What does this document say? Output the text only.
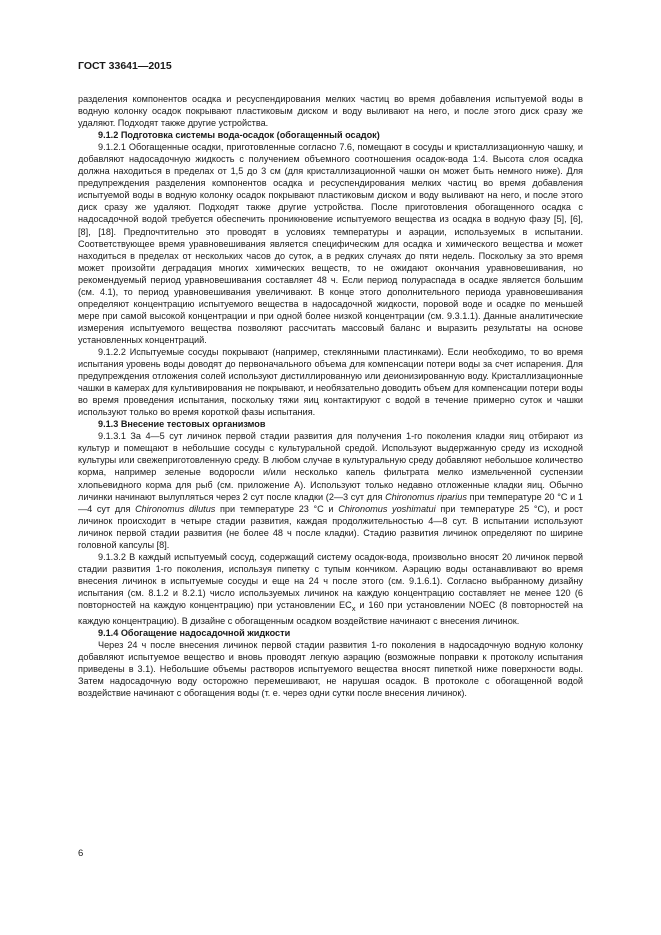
ГОСТ 33641—2015

разделения компонентов осадка и ресуспендирования мелких частиц во время добавления испытуемой воды в водную колонку осадок покрывают пластиковым диском и воду выливают на него, и после этого диск сразу же удаляют. Подходят также другие устройства.

9.1.2 Подготовка системы вода-осадок (обогащенный осадок)

9.1.2.1 Обогащенные осадки, приготовленные согласно 7.6, помещают в сосуды и кристаллизационную чашку, и добавляют надосадочную жидкость с получением объемного соотношения осадок-вода 1:4. Высота слоя осадка должна находиться в пределах от 1,5 до 3 см (для кристаллизационной чашки он может быть немного ниже). Для предупреждения разделения компонентов осадка и ресуспендирования мелких частиц во время добавления испытуемой воды в водную колонку осадок покрывают пластиковым диском и воду выливают на него, и после этого диск сразу же удаляют. Подходят также другие устройства. После приготовления обогащенного осадка с надосадочной водой требуется обеспечить проникновение испытуемого вещества из осадка в водную фазу [5], [6], [8], [18]. Предпочтительно это проводят в условиях температуры и аэрации, используемых в испытании. Соответствующее время уравновешивания является специфическим для осадка и химического вещества и может находиться в пределах от нескольких часов до суток, а в редких случаях до пяти недель. Поскольку за это время может произойти деградация многих химических веществ, то не ожидают окончания уравновешивания, но рекомендуемый период уравновешивания составляет 48 ч. Если период полураспада в осадке является большим (см. 4.1), то период уравновешивания увеличивают. В конце этого дополнительного периода уравновешивания определяют концентрацию испытуемого вещества в надосадочной жидкости, поровой воде и осадке по меньшей мере при самой высокой концентрации и при одной более низкой концентрации (см. 9.3.1.1). Данные аналитические измерения испытуемого вещества позволяют рассчитать массовый баланс и выразить результаты на основе установленных концентраций.

9.1.2.2 Испытуемые сосуды покрывают (например, стеклянными пластинками). Если необходимо, то во время испытания уровень воды доводят до первоначального объема для компенсации потери воды за счет испарения. Для предупреждения отложения солей используют дистиллированную или деионизированную воду. Кристаллизационные чашки в камерах для культивирования не покрывают, и необязательно доводить объем для компенсации потери воды во время проведения испытания, поскольку тяжи яиц контактируют с водой в течение примерно суток и чашки используют только во время короткой фазы испытания.

9.1.3 Внесение тестовых организмов

9.1.3.1 За 4—5 сут личинок первой стадии развития для получения 1-го поколения кладки яиц отбирают из культур и помещают в небольшие сосуды с культуральной средой. Используют выдержанную среду из исходной культуры или свежеприготовленную среду. В любом случае в культуральную среду добавляют небольшое количество корма, например зеленые водоросли и/или несколько капель фильтрата мелко измельченной суспензии хлопьевидного корма для рыб (см. приложение А). Используют только недавно отложенные кладки яиц. Обычно личинки начинают вылупляться через 2 сут после кладки (2—3 сут для Chironomus riparius при температуре 20 °С и 1—4 сут для Chironomus dilutus при температуре 23 °С и Chironomus yoshimatui при температуре 25 °С), и рост личинок происходит в четыре стадии развития, каждая продолжительностью 4—8 сут. В испытании используют личинок первой стадии развития (не более 48 ч после кладки). Стадию развития личинок определяют по ширине головной капсулы [8].

9.1.3.2 В каждый испытуемый сосуд, содержащий систему осадок-вода, произвольно вносят 20 личинок первой стадии развития 1-го поколения, используя пипетку с тупым кончиком. Аэрацию воды останавливают во время внесения личинок в испытуемые сосуды и еще на 24 ч после этого (см. 9.1.6.1). Согласно выбранному дизайну испытания (см. 8.1.2 и 8.2.1) число используемых личинок на каждую концентрацию составляет не менее 120 (6 повторностей на каждую концентрацию) при установлении $EC_x$ и 160 при установлении NOEC (8 повторностей на каждую концентрацию). В дизайне с обогащенным осадком воздействие начинают с внесения личинок.

9.1.4 Обогащение надосадочной жидкости

Через 24 ч после внесения личинок первой стадии развития 1-го поколения в надосадочную водную колонку добавляют испытуемое вещество и вновь проводят легкую аэрацию (возможные поправки к протоколу испытания приведены в 3.1). Небольшие объемы растворов испытуемого вещества вносят пипеткой ниже поверхности воды. Затем надосадочную воду осторожно перемешивают, не нарушая осадок. В протоколе с обогащенной водой воздействие начинают с обогащения воды (т. е. через одни сутки после внесения личинок).

6
